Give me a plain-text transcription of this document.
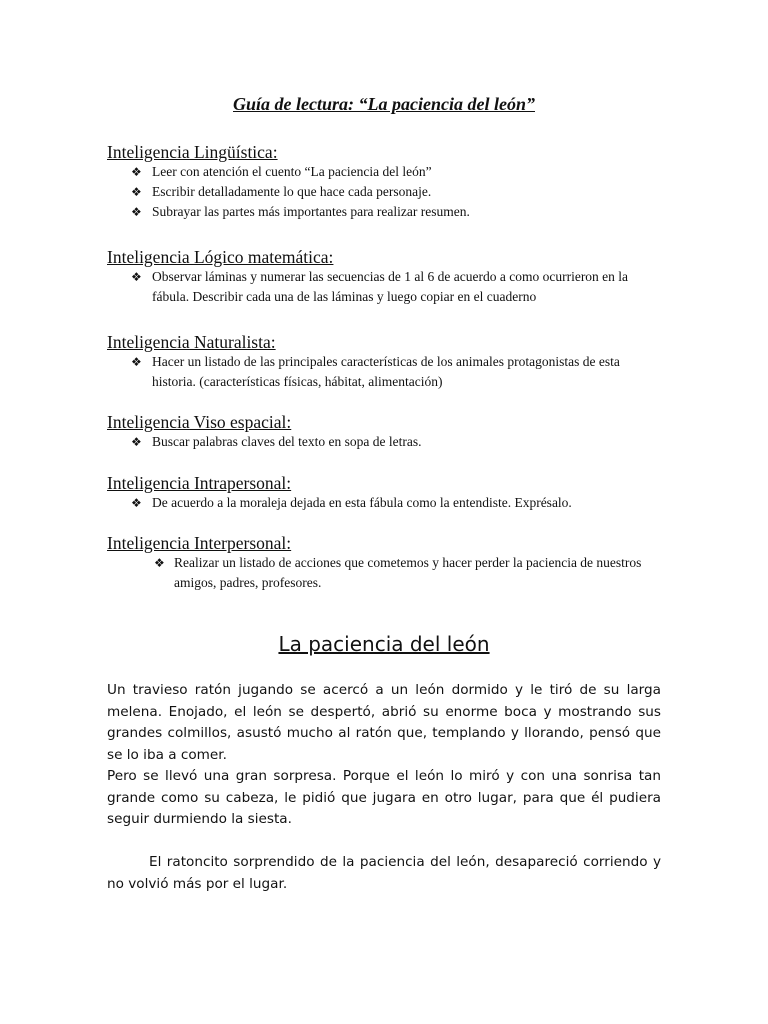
Guía de lectura: “La paciencia del león”
Inteligencia Lingüística:
❖ Leer con atención el cuento “La paciencia del león”
❖ Escribir detalladamente lo que hace cada personaje.
❖ Subrayar las partes más importantes para realizar resumen.
Inteligencia Lógico matemática:
❖ Observar láminas y numerar las secuencias de 1 al 6 de acuerdo a como ocurrieron en la fábula. Describir cada una de las láminas y luego copiar en el cuaderno
Inteligencia Naturalista:
❖ Hacer un listado de las principales características de los animales protagonistas de esta historia. (características físicas, hábitat, alimentación)
Inteligencia Viso espacial:
❖ Buscar palabras claves del texto en sopa de letras.
Inteligencia Intrapersonal:
❖ De acuerdo a la moraleja dejada en esta fábula como la entendiste. Exprésalo.
Inteligencia Interpersonal:
❖ Realizar un listado de acciones que cometemos y hacer perder la paciencia de nuestros amigos, padres, profesores.
La paciencia del león

Un travieso ratón jugando se acercó a un león dormido y le tiró de su larga melena. Enojado, el león se despertó, abrió su enorme boca y mostrando sus grandes colmillos, asustó mucho al ratón que, templando y llorando, pensó que se lo iba a comer.

Pero se llevó una gran sorpresa. Porque el león lo miró y con una sonrisa tan grande como su cabeza, le pidió que jugara en otro lugar, para que él pudiera seguir durmiendo la siesta.

El ratoncito sorprendido de la paciencia del león, desapareció corriendo y no volvió más por el lugar.
